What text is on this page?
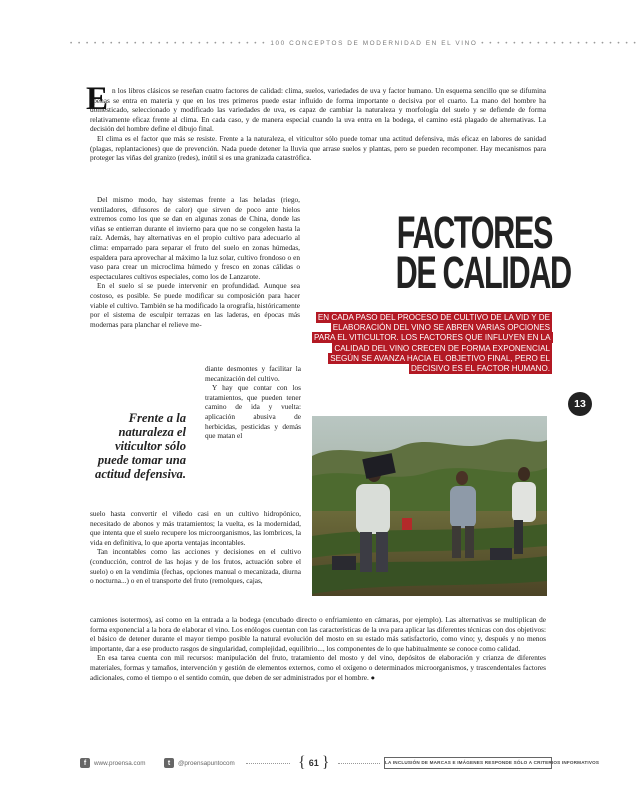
• • • • • • • • • • • • • • • • • • • • • • • • • 100 CONCEPTOS DE MODERNIDAD EN EL VINO • • • • • • • • • • • • • • • • • • • •
E n los libros clásicos se reseñan cuatro factores de calidad: clima, suelos, variedades de uva y factor humano. Un esquema sencillo que se difumina apenas se entra en materia y que en los tres primeros puede estar influido de forma importante o decisiva por el cuarto. La mano del hombre ha domesticado, seleccionado y modificado las variedades de uva, es capaz de cambiar la naturaleza y morfología del suelo y se defiende de forma relativamente eficaz frente al clima. En cada caso, y de manera especial cuando la uva entra en la bodega, el camino está plagado de alternativas. La decisión del hombre define el dibujo final.

El clima es el factor que más se resiste. Frente a la naturaleza, el viticultor sólo puede tomar una actitud defensiva, más eficaz en labores de sanidad (plagas, replantaciones) que de prevención. Nada puede detener la lluvia que arrase suelos y plantas, pero se pueden recomponer. Hay mecanismos para proteger las viñas del granizo (redes), inútil si es una granizada catastrófica.

Del mismo modo, hay sistemas frente a las heladas (riego, ventiladores, difusores de calor) que sirven de poco ante hielos extremos como los que se dan en algunas zonas de China, donde las viñas se entierran durante el invierno para que no se congelen hasta la raíz. Además, hay alternativas en el propio cultivo para adecuarlo al clima: emparrado para separar el fruto del suelo en zonas húmedas, espaldera para aprovechar al máximo la luz solar, cultivo frondoso o en vaso para crear un microclima húmedo y fresco en zonas cálidas o espectaculares cultivos especiales, como los de Lanzarote.

En el suelo sí se puede intervenir en profundidad. Aunque sea costoso, es posible. Se puede modificar su composición para hacer viable el cultivo. También se ha modificado la orografía, históricamente por el sistema de esculpir terrazas en las laderas, en épocas más modernas para planchar el relieve me-

diante desmontes y facilitar la mecanización del cultivo.

Y hay que contar con los tratamientos, que pueden tener camino de ida y vuelta: aplicación abusiva de herbicidas, pesticidas y demás que matan el

Frente a la naturaleza el viticultor sólo puede tomar una actitud defensiva.

suelo hasta convertir el viñedo casi en un cultivo hidropónico, necesitado de abonos y más tratamientos; la vuelta, es la modernidad, que intenta que el suelo recupere los microorganismos, las lombrices, la vida en definitiva, lo que aporta ventajas incontables.

Tan incontables como las acciones y decisiones en el cultivo (conducción, control de las hojas y de los frutos, actuación sobre el suelo) o en la vendimia (fechas, opciones manual o mecanizada, diurna o nocturna...) o en el transporte del fruto (remolques, cajas,

FACTORES
DE CALIDAD
EN CADA PASO DEL PROCESO DE CULTIVO DE LA VID Y DE ELABORACIÓN DEL VINO SE ABREN VARIAS OPCIONES PARA EL VITICULTOR. LOS FACTORES QUE INFLUYEN EN LA CALIDAD DEL VINO CRECEN DE FORMA EXPONENCIAL SEGÚN SE AVANZA HACIA EL OBJETIVO FINAL, PERO EL DECISIVO ES EL FACTOR HUMANO.
13

camiones isotermos), así como en la entrada a la bodega (encubado directo o enfriamiento en cámaras, por ejemplo). Las alternativas se multiplican de forma exponencial a la hora de elaborar el vino. Los enólogos cuentan con las características de la uva para aplicar las diferentes técnicas con dos objetivos: el básico de detener durante el mayor tiempo posible la natural evolución del mosto en su estado más satisfactorio, como vino; y, después y no menos importante, dar a ese producto rasgos de singularidad, complejidad, equilibrio..., los componentes de lo que habitualmente se conoce como calidad.

En esa tarea cuenta con mil recursos: manipulación del fruto, tratamiento del mosto y del vino, depósitos de elaboración y crianza de diferentes materiales, formas y tamaños, intervención y gestión de elementos externos, como el oxígeno o determinados microorganismos, y trascendentales factores adicionales, como el tiempo o el sentido común, que deben de ser administrados por el hombre. ●

f	www.proensa.com	t	@proensapuntocom	{ 61 }	LA INCLUSIÓN DE MARCAS E IMÁGENES RESPONDE SÓLO A CRITERIOS INFORMATIVOS
